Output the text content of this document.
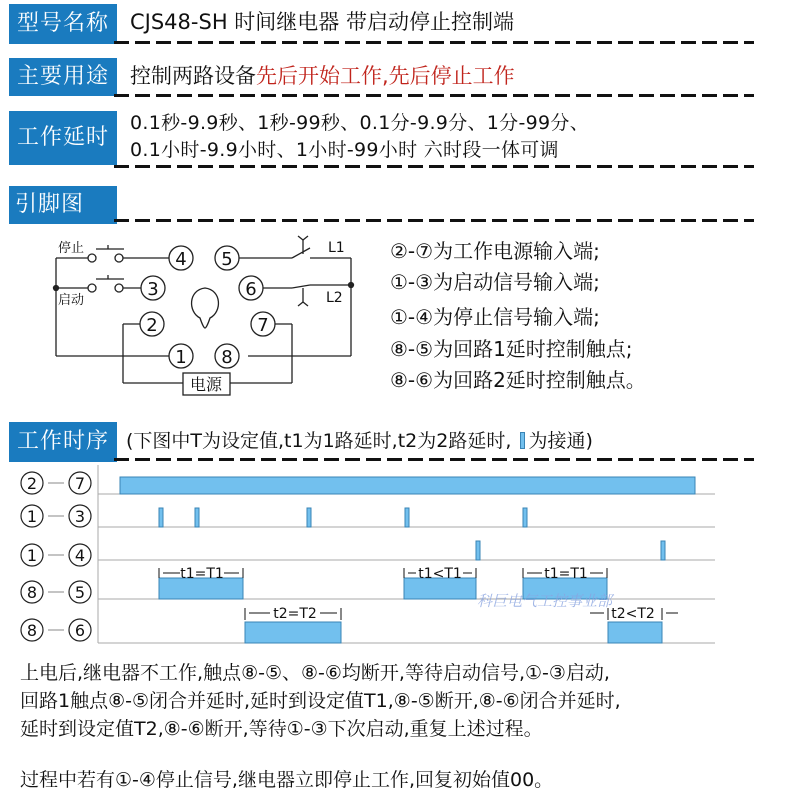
型号名称	CJS48-SH 时间继电器 带启动停止控制端
主要用途	控制两路设备先后开始工作,先后停止工作
工作延时
0.1秒-9.9秒、1秒-99秒、0.1分-9.9分、1分-99分、
0.1小时-9.9小时、1小时-99小时 六时段一体可调
引脚图
4 5
3	6
2	7
1 8
停止
启动
L1
L2
电源
②-⑦为工作电源输入端;
①-③为启动信号输入端;
①-④为停止信号输入端;
⑧-⑤为回路1延时控制触点;
⑧-⑥为回路2延时控制触点。
工作时序 (下图中T为设定值,t1为1路延时,t2为2路延时, 为接通)
2 7
1 3
1 4
8 5
8 6
t1=T1	t1<T1	t1=T1
t2=T2	t2<T2
科巨电气工控事业部
上电后,继电器不工作,触点⑧-⑤、⑧-⑥均断开,等待启动信号,①-③启动,
回路1触点⑧-⑤闭合并延时,延时到设定值T1,⑧-⑤断开,⑧-⑥闭合并延时,
延时到设定值T2,⑧-⑥断开,等待①-③下次启动,重复上述过程。
过程中若有①-④停止信号,继电器立即停止工作,回复初始值00。
